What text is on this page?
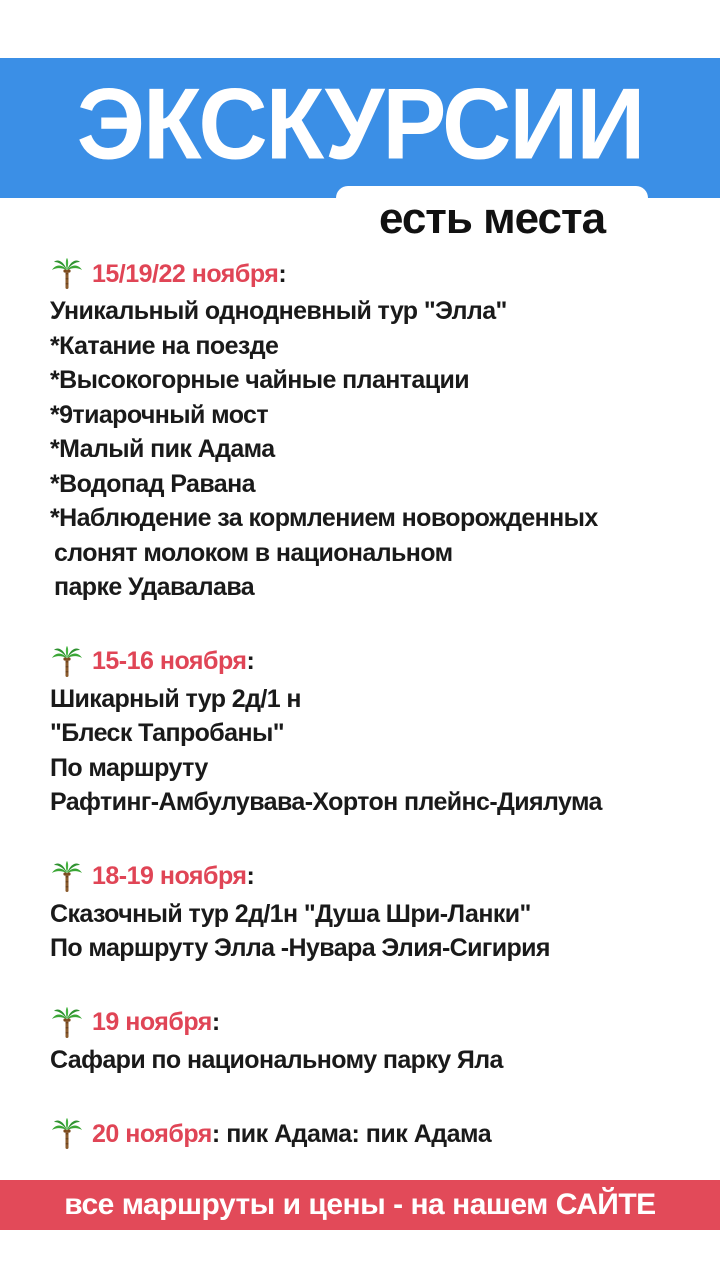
ЭКСКУРСИИ
есть места
15/19/22 ноября :
Уникальный однодневный тур "Элла"
*Катание на поезде
*Высокогорные чайные плантации
*9тиарочный мост
*Малый пик Адама
*Водопад Равана
*Наблюдение за кормлением новорожденных
слонят молоком в национальном
парке Удавалава
15-16 ноября :
Шикарный тур 2д/1 н
"Блеск Тапробаны"
По маршруту
Рафтинг-Амбулувава-Хортон плейнс-Диялума
18-19 ноября :
Сказочный тур 2д/1н "Душа Шри-Ланки"
По маршруту Элла -Нувара Элия-Сигирия
19 ноября :
Сафари по национальному парку Яла
20 ноября : пик Адама: пик Адама
все маршруты и цены - на нашем САЙТЕ
